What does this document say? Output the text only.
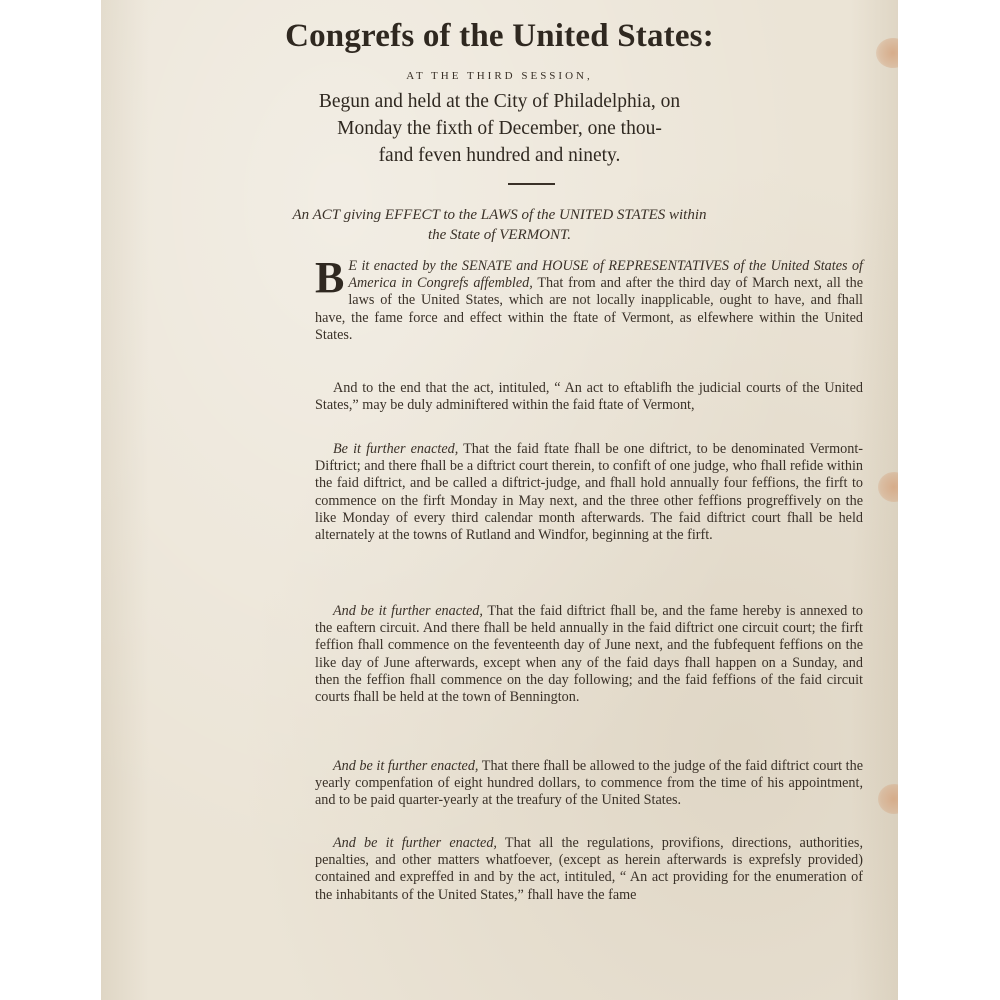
Congrefs of the United States:
AT THE THIRD SESSION,
Begun and held at the City of Philadelphia, on
Monday the fixth of December, one thou-
fand feven hundred and ninety.
An ACT giving EFFECT to the LAWS of the UNITED STATES within
the State of VERMONT.
B E it enacted by the SENATE and HOUSE of REPRESENTATIVES of the United States of America in Congrefs affembled, That from and after the third day of March next, all the laws of the United States, which are not locally inapplicable, ought to have, and fhall have, the fame force and effect within the ftate of Vermont, as elfewhere within the United States.
And to the end that the act, intituled, “ An act to eftablifh the judicial courts of the United States,” may be duly adminiftered within the faid ftate of Vermont,
Be it further enacted, That the faid ftate fhall be one diftrict, to be denominated Vermont-Diftrict; and there fhall be a diftrict court therein, to confift of one judge, who fhall refide within the faid diftrict, and be called a diftrict-judge, and fhall hold annually four feffions, the firft to commence on the firft Monday in May next, and the three other feffions progreffively on the like Monday of every third calendar month afterwards. The faid diftrict court fhall be held alternately at the towns of Rutland and Windfor, beginning at the firft.
And be it further enacted, That the faid diftrict fhall be, and the fame hereby is annexed to the eaftern circuit. And there fhall be held annually in the faid diftrict one circuit court; the firft feffion fhall commence on the feventeenth day of June next, and the fubfequent feffions on the like day of June afterwards, except when any of the faid days fhall happen on a Sunday, and then the feffion fhall commence on the day following; and the faid feffions of the faid circuit courts fhall be held at the town of Bennington.
And be it further enacted, That there fhall be allowed to the judge of the faid diftrict court the yearly compenfation of eight hundred dollars, to commence from the time of his appointment, and to be paid quarter-yearly at the treafury of the United States.
And be it further enacted, That all the regulations, provifions, directions, authorities, penalties, and other matters whatfoever, (except as herein afterwards is exprefsly provided) contained and expreffed in and by the act, intituled, “ An act providing for the enumeration of the inhabitants of the United States,” fhall have the fame
